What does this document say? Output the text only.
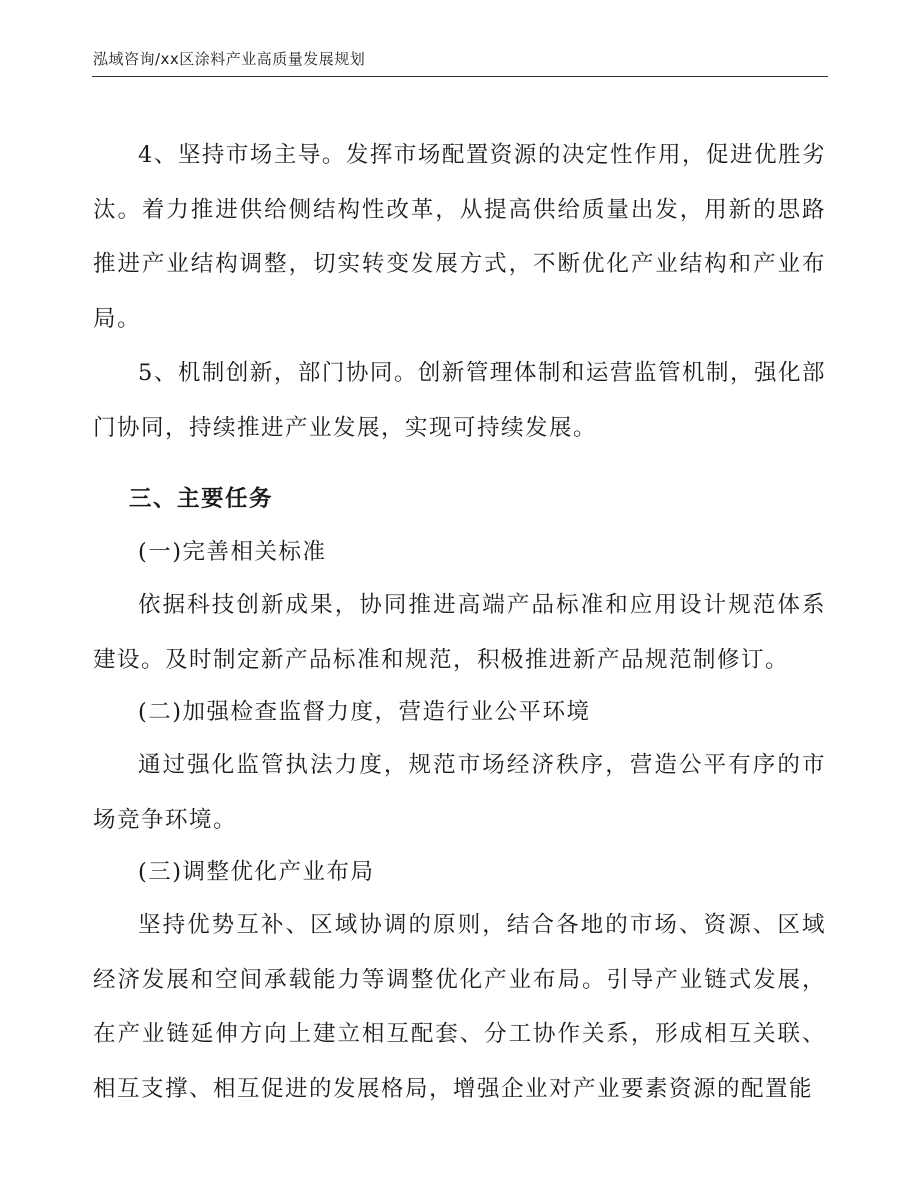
泓域咨询/xx区涂料产业高质量发展规划

4、坚持市场主导。发挥市场配置资源的决定性作用，促进优胜劣汰。着力推进供给侧结构性改革，从提高供给质量出发，用新的思路推进产业结构调整，切实转变发展方式，不断优化产业结构和产业布局。

5、机制创新，部门协同。创新管理体制和运营监管机制，强化部门协同，持续推进产业发展，实现可持续发展。

三、主要任务

(一)完善相关标准

依据科技创新成果，协同推进高端产品标准和应用设计规范体系建设。及时制定新产品标准和规范，积极推进新产品规范制修订。

(二)加强检查监督力度，营造行业公平环境

通过强化监管执法力度，规范市场经济秩序，营造公平有序的市场竞争环境。

(三)调整优化产业布局

坚持优势互补、区域协调的原则，结合各地的市场、资源、区域经济发展和空间承载能力等调整优化产业布局。引导产业链式发展，在产业链延伸方向上建立相互配套、分工协作关系，形成相互关联、相互支撑、相互促进的发展格局，增强企业对产业要素资源的配置能
